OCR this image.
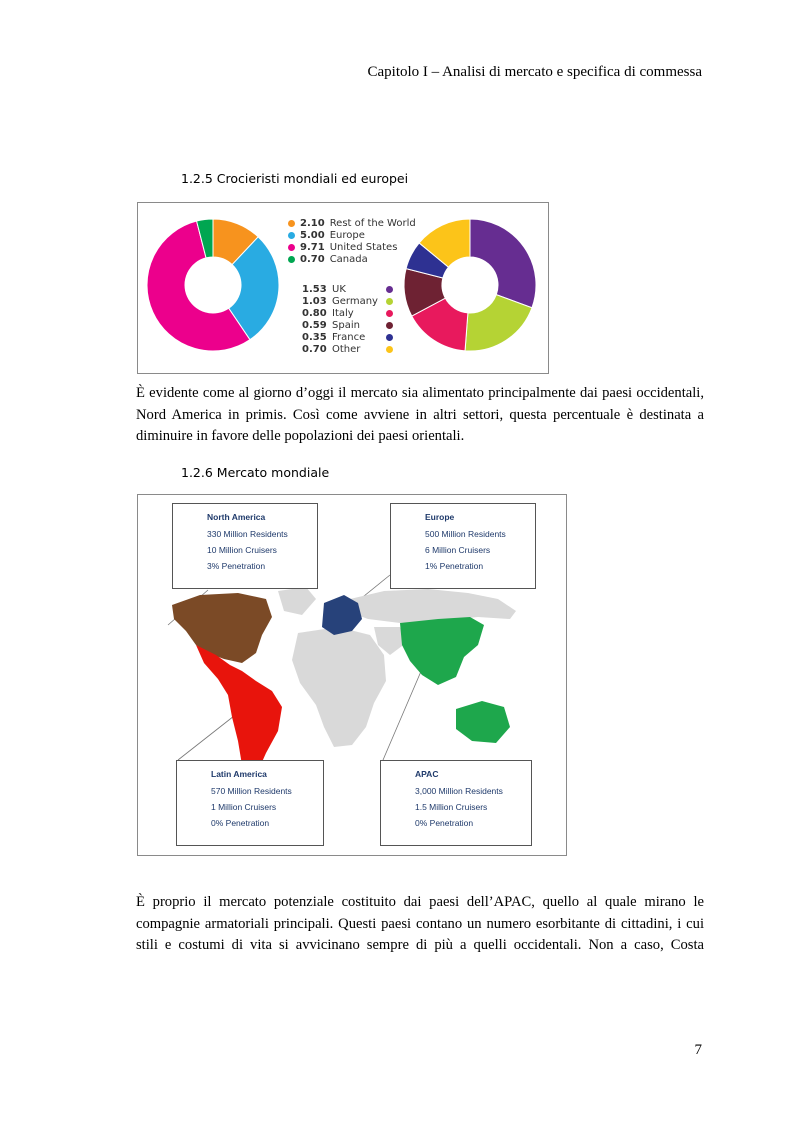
Capitolo I – Analisi di mercato e specifica di commessa
1.2.5 Crocieristi mondiali ed europei
2.10 Rest of the World
5.00 Europe
9.71 United States
0.70 Canada
1.53 UK
1.03 Germany
0.80 Italy
0.59 Spain
0.35 France
0.70 Other
È evidente come al giorno d’oggi il mercato sia alimentato principalmente dai paesi occidentali,
Nord America in primis. Così come avviene in altri settori, questa percentuale è destinata a
diminuire in favore delle popolazioni dei paesi orientali.
1.2.6 Mercato mondiale
North America
330 Million Residents
10 Million Cruisers
3% Penetration
Europe
500 Million Residents
6 Million Cruisers
1% Penetration
Latin America
570 Million Residents
1 Million Cruisers
0% Penetration
APAC
3,000 Million Residents
1.5 Million Cruisers
0% Penetration
È proprio il mercato potenziale costituito dai paesi dell’APAC, quello al quale mirano le
compagnie armatoriali principali. Questi paesi contano un numero esorbitante di cittadini, i cui
stili e costumi di vita si avvicinano sempre di più a quelli occidentali. Non a caso, Costa
7
